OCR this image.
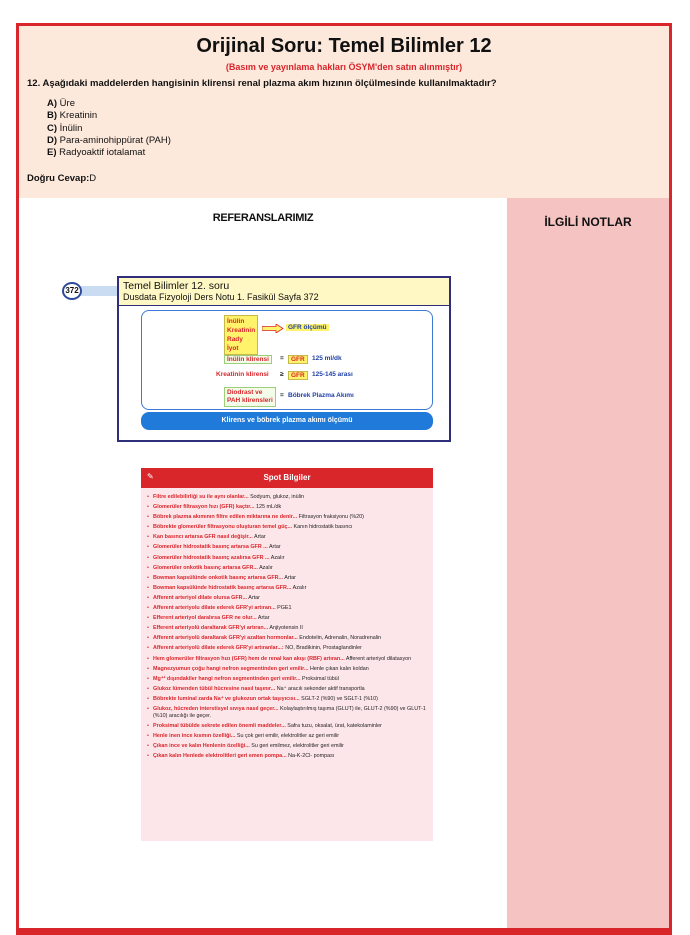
Orijinal Soru: Temel Bilimler 12
(Basım ve yayınlama hakları ÖSYM'den satın alınmıştır)
12. Aşağıdaki maddelerden hangisinin klirensi renal plazma akım hızının ölçülmesinde kullanılmaktadır?
A) Üre
B) Kreatinin
C) İnülin
D) Para-aminohippürat (PAH)
E) Radyoaktif iotalamat
Doğru Cevap:D
REFERANSLARIMIZ
372	Temel Bilimler 12. soru
Dusdata Fizyoloji Ders Notu 1. Fasikül Sayfa 372
İnülin
Kreatinin
Rady İyot
GFR ölçümü
İnülin klirensi	=	GFR	125 ml/dk
Kreatinin klirensi ≥	GFR	125-145 arası
Diodrast ve
PAH klirensleri
= Böbrek Plazma Akımı
Klirens ve böbrek plazma akımı ölçümü
✎	Spot Bilgiler
• Filtre edilebilirliği su ile aynı olanlar... Sodyum, glukoz, inülin
• Glomerüler filtrasyon hızı (GFR) kaçtır... 125 mL/dk
• Böbrek plazma akımının filtre edilen miktarına ne denir... Filtrasyon fraksiyonu (%20)
• Böbrekte glomerüler filtrasyonu oluşturan temel güç... Kanın hidrostatik basıncı
• Kan basıncı artarsa GFR nasıl değişir... Artar
• Glomerüler hidrostatik basınç artarsa GFR ... Artar
• Glomerüler hidrostatik basınç azalırsa GFR ... Azalır
• Glomerüler onkotik basınç artarsa GFR... Azalır
• Bowman kapsülünde onkotik basınç artarsa GFR... Artar
• Bowman kapsülünde hidrostatik basınç artarsa GFR... Azalır
• Afferent arteriyol dilate olursa GFR... Artar
• Afferent arteriyolu dilate ederek GFR'yi artıran... PGE1
• Efferent arteriyol daralırsa GFR ne olur... Artar
• Efferent arteriyolü daraltarak GFR'yi artıran... Anjiyotensin II
• Afferent arteriyolü daraltarak GFR'yi azaltan hormonlar... Endotelin, Adrenalin, Noradrenalin
• Afferent arteriyolü dilate ederek GFR'yi artıranlar...: NO, Bradikinin, Prostaglandinler
• Hem glomerüler filtrasyon hızı (GFR) hem de renal kan akışı (RBF) artıran... Afferent arteriyol dilatasyon
• Magnezyumun çoğu hangi nefron segmentinden geri emilir... Henle çıkan kalın koldan
• Mg⁺² dışındakiler hangi nefron segmentinden geri emilir... Proksimal tübül
• Glukoz lümenden tübül hücresine nasıl taşınır... Na⁺ aracılı sekonder aktif transportla
• Böbrekte luminal zarda Na⁺ ve glukozun ortak taşıyıcısı... SGLT-2 (%90) ve SGLT-1 (%10)
• Glukoz, hücreden interstisyel sıvıya nasıl geçer... Kolaylaştırılmış taşıma (GLUT) ile, GLUT-2 (%90) ve GLUT-1 (%10) aracılığı ile geçer.
• Proksimal tübülde sekrete edilen önemli maddeler... Safra tuzu, oksalat, ürat, katekolaminler
• Henle inen ince kısmın özelliği... Su çok geri emilir, elektrolitler az geri emilir
• Çıkan ince ve kalın Henlenin özelliği... Su geri emilmez, elektrolitler geri emilir
• Çıkan kalın Henlede elektrolitleri geri emen pompa... Na-K-2Cl- pompası
İLGİLİ NOTLAR
